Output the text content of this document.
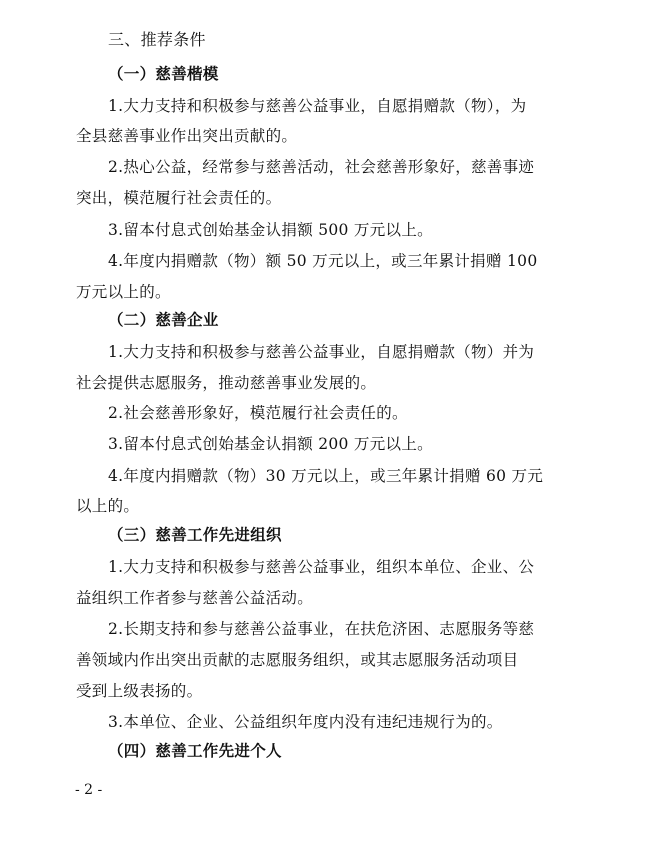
三、推荐条件
（一）慈善楷模
1.大力支持和积极参与慈善公益事业，自愿捐赠款（物），为
全县慈善事业作出突出贡献的。
2.热心公益，经常参与慈善活动，社会慈善形象好，慈善事迹
突出，模范履行社会责任的。
3.留本付息式创始基金认捐额 500 万元以上。
4.年度内捐赠款（物）额 50 万元以上，或三年累计捐赠 100
万元以上的。
（二）慈善企业
1.大力支持和积极参与慈善公益事业，自愿捐赠款（物）并为
社会提供志愿服务，推动慈善事业发展的。
2.社会慈善形象好，模范履行社会责任的。
3.留本付息式创始基金认捐额 200 万元以上。
4.年度内捐赠款（物）30 万元以上，或三年累计捐赠 60 万元
以上的。
（三）慈善工作先进组织
1.大力支持和积极参与慈善公益事业，组织本单位、企业、公
益组织工作者参与慈善公益活动。
2.长期支持和参与慈善公益事业，在扶危济困、志愿服务等慈
善领域内作出突出贡献的志愿服务组织，或其志愿服务活动项目
受到上级表扬的。
3.本单位、企业、公益组织年度内没有违纪违规行为的。
（四）慈善工作先进个人
- 2 -
